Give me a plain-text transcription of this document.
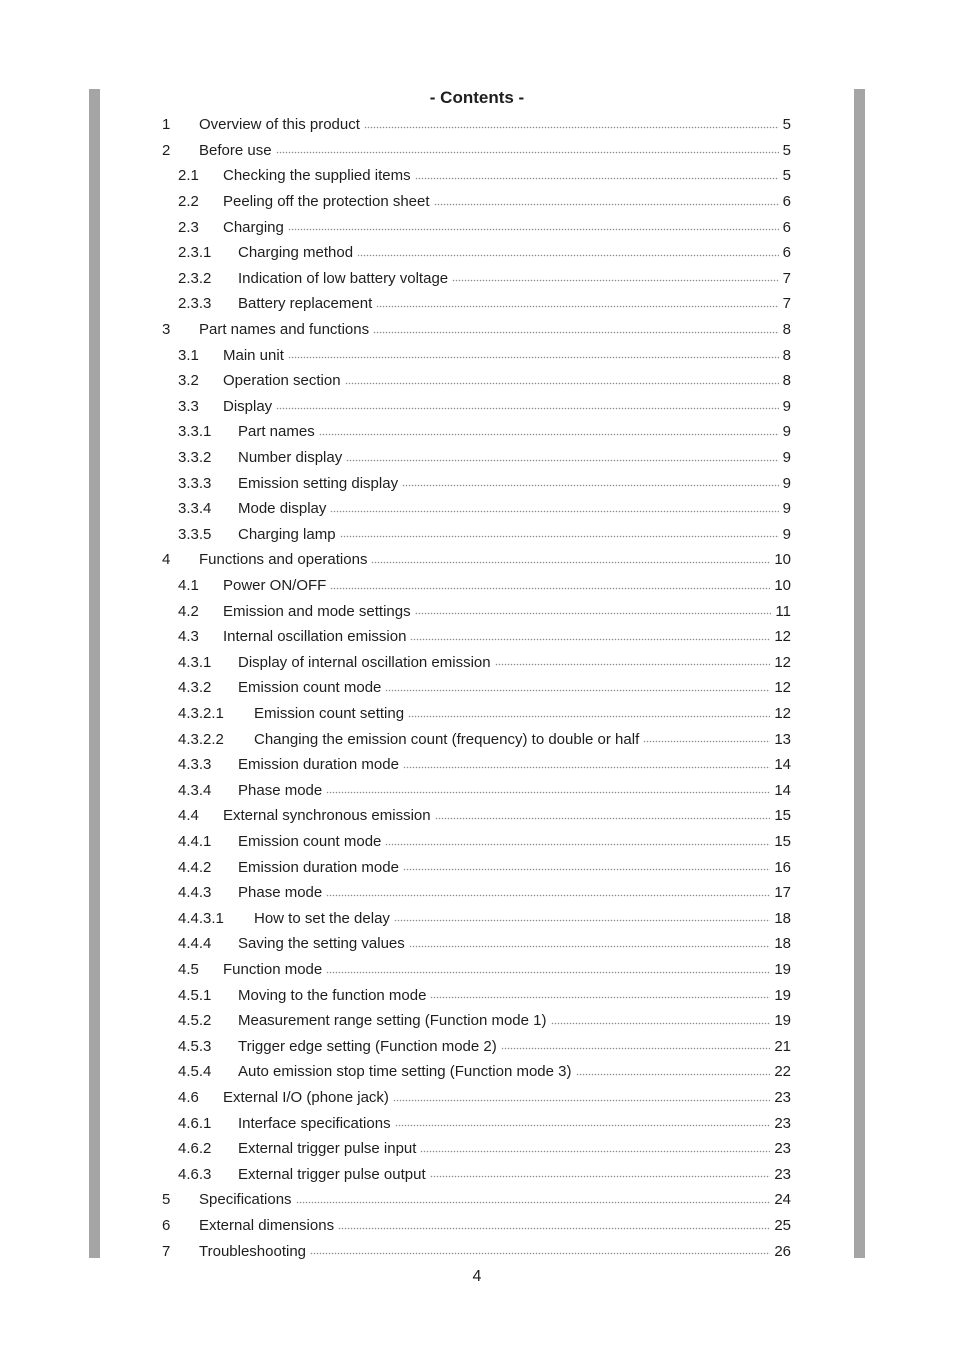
- Contents -
1 Overview of this product	5
2 Before use	5
2.1 Checking the supplied items	5
2.2 Peeling off the protection sheet	6
2.3 Charging	6
2.3.1 Charging method	6
2.3.2 Indication of low battery voltage	7
2.3.3 Battery replacement	7
3 Part names and functions	8
3.1 Main unit	8
3.2 Operation section	8
3.3 Display	9
3.3.1 Part names	9
3.3.2 Number display	9
3.3.3 Emission setting display	9
3.3.4 Mode display	9
3.3.5 Charging lamp	9
4 Functions and operations	10
4.1 Power ON/OFF	10
4.2 Emission and mode settings	11
4.3 Internal oscillation emission	12
4.3.1 Display of internal oscillation emission	12
4.3.2 Emission count mode	12
4.3.2.1 Emission count setting	12
4.3.2.2 Changing the emission count (frequency) to double or half	13
4.3.3 Emission duration mode	14
4.3.4 Phase mode	14
4.4 External synchronous emission	15
4.4.1 Emission count mode	15
4.4.2 Emission duration mode	16
4.4.3 Phase mode	17
4.4.3.1 How to set the delay	18
4.4.4 Saving the setting values	18
4.5 Function mode	19
4.5.1 Moving to the function mode	19
4.5.2 Measurement range setting (Function mode 1)	19
4.5.3 Trigger edge setting (Function mode 2)	21
4.5.4 Auto emission stop time setting (Function mode 3)	22
4.6 External I/O (phone jack)	23
4.6.1 Interface specifications	23
4.6.2 External trigger pulse input	23
4.6.3 External trigger pulse output	23
5 Specifications	24
6 External dimensions	25
7 Troubleshooting	26
4
